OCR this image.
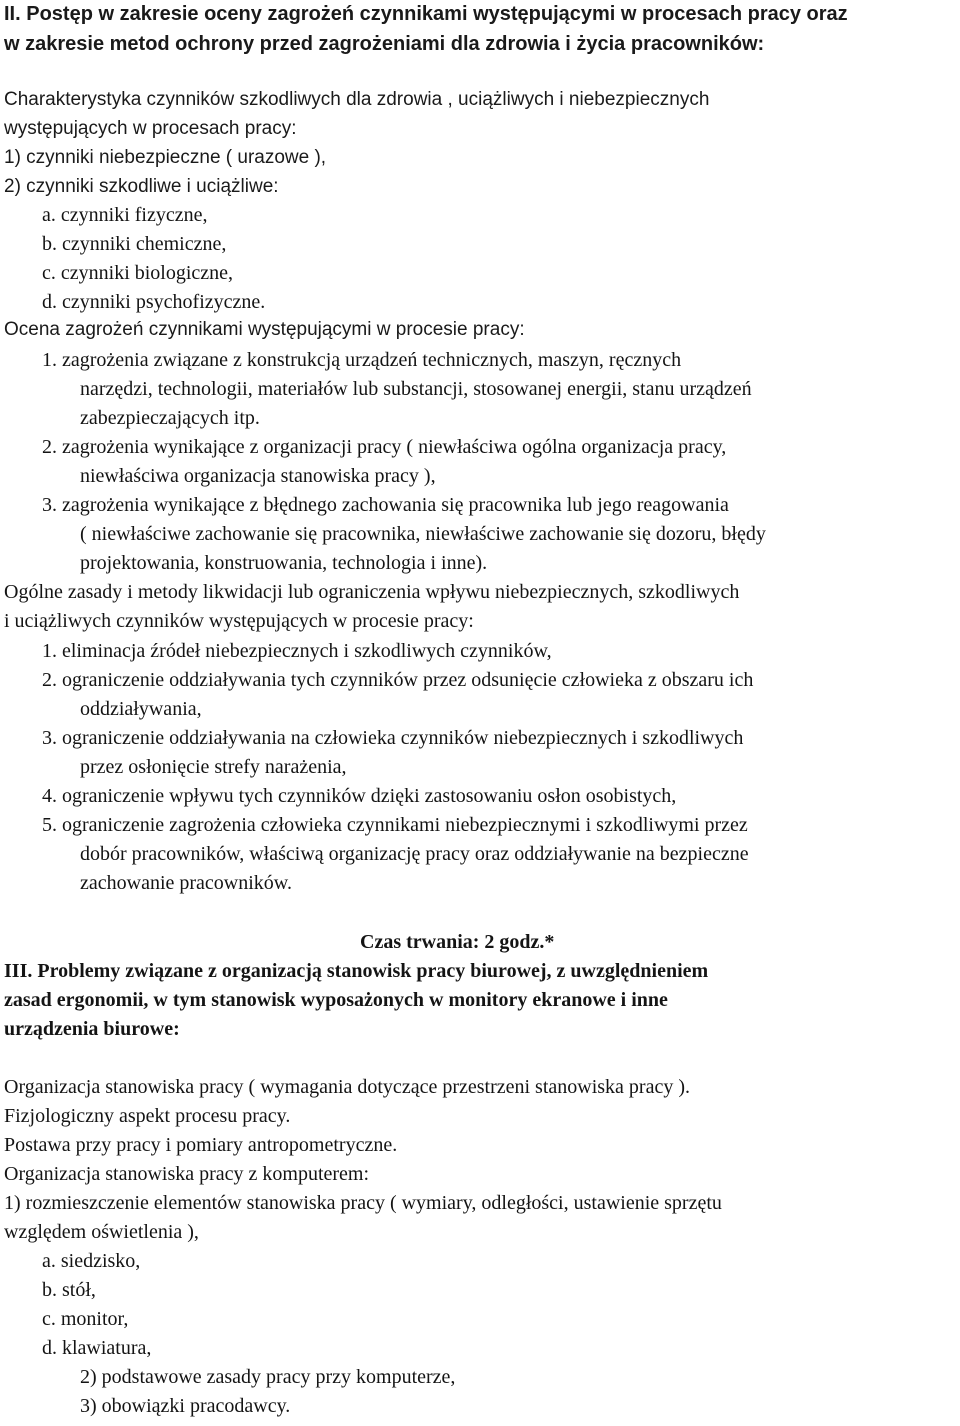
II. Postęp w zakresie oceny zagrożeń czynnikami występującymi w procesach pracy oraz
w zakresie metod ochrony przed zagrożeniami dla zdrowia i życia pracowników:
Charakterystyka czynników szkodliwych dla zdrowia , uciążliwych i niebezpiecznych
występujących w procesach pracy:
1) czynniki niebezpieczne ( urazowe ),
2) czynniki szkodliwe i uciążliwe:
a. czynniki fizyczne,
b. czynniki chemiczne,
c. czynniki biologiczne,
d. czynniki psychofizyczne.
Ocena zagrożeń czynnikami występującymi w procesie pracy:
1. zagrożenia związane z konstrukcją urządzeń technicznych, maszyn, ręcznych
narzędzi, technologii, materiałów lub substancji, stosowanej energii, stanu urządzeń
zabezpieczających itp.
2. zagrożenia wynikające z organizacji pracy ( niewłaściwa ogólna organizacja pracy,
niewłaściwa organizacja stanowiska pracy ),
3. zagrożenia wynikające z błędnego zachowania się pracownika lub jego reagowania
( niewłaściwe zachowanie się pracownika, niewłaściwe zachowanie się dozoru, błędy
projektowania, konstruowania, technologia i inne).
Ogólne zasady i metody likwidacji lub ograniczenia wpływu niebezpiecznych, szkodliwych
i uciążliwych czynników występujących w procesie pracy:
1. eliminacja źródeł niebezpiecznych i szkodliwych czynników,
2. ograniczenie oddziaływania tych czynników przez odsunięcie człowieka z obszaru ich
oddziaływania,
3. ograniczenie oddziaływania na człowieka czynników niebezpiecznych i szkodliwych
przez osłonięcie strefy narażenia,
4. ograniczenie wpływu tych czynników dzięki zastosowaniu osłon osobistych,
5. ograniczenie zagrożenia człowieka czynnikami niebezpiecznymi i szkodliwymi przez
dobór pracowników, właściwą organizację pracy oraz oddziaływanie na bezpieczne
zachowanie pracowników.
Czas trwania: 2 godz.*
III. Problemy związane z organizacją stanowisk pracy biurowej, z uwzględnieniem
zasad ergonomii, w tym stanowisk wyposażonych w monitory ekranowe i inne
urządzenia biurowe:
Organizacja stanowiska pracy ( wymagania dotyczące przestrzeni stanowiska pracy ).
Fizjologiczny aspekt procesu pracy.
Postawa przy pracy i pomiary antropometryczne.
Organizacja stanowiska pracy z komputerem:
1) rozmieszczenie elementów stanowiska pracy ( wymiary, odległości, ustawienie sprzętu
względem oświetlenia ),
a. siedzisko,
b. stół,
c. monitor,
d. klawiatura,
2) podstawowe zasady pracy przy komputerze,
3) obowiązki pracodawcy.
